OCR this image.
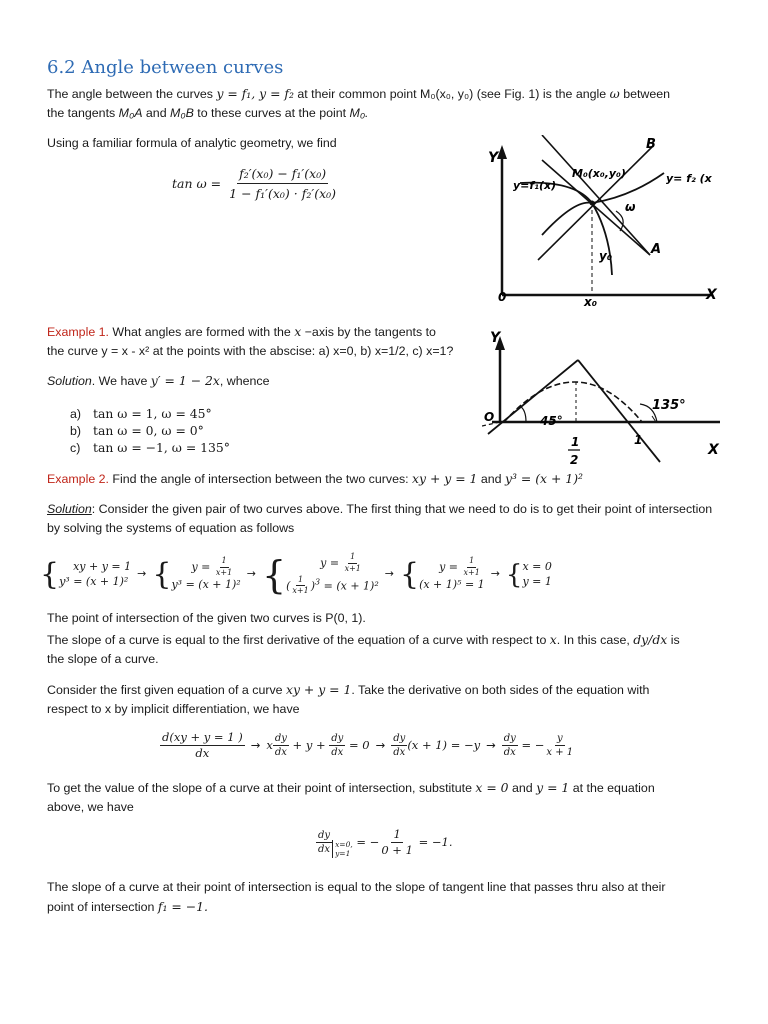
6.2 Angle between curves
The angle between the curves y = f₁, y = f₂ at their common point M₀(x₀, y₀) (see Fig. 1) is the angle ω between
the tangents M₀A and M₀B to these curves at the point M₀.
Using a familiar formula of analytic geometry, we find
$\tan \omega = \frac{\text{f₂′(x₀) − f₁′(x₀)}}{\text{1 − f₁′(x₀) · f₂′(x₀)}}$
Y
X
0
y=f₁(x)
y= f₂ (x
M₀(x₀,y₀)
B
A
ω
y₀
x₀
Example 1. What angles are formed with the x −axis by the tangents to
the curve y = x - x² at the points with the abscise: a) x=0, b) x=1/2, c) x=1?
Solution. We have y′ = 1 − 2x, whence
a) tan ω = 1, ω = 45°
b) tan ω = 0, ω = 0°
c) tan ω = −1, ω = 135°
Y
X
O	45°
135°
1
2
1
Example 2. Find the angle of intersection between the two curves: xy + y = 1 and y³ = (x + 1)²
Solution: Consider the given pair of two curves above. The first thing that we need to do is to get their point of intersection by solving the systems of equation as follows
{	xy + y = 1
y³ = (x + 1)²
→ {	$y = \frac{1}{x+1}$
y³ = (x + 1)²
→ {	$y = \frac{1}{x+1}$
( $\frac{1}{x+1} )^3 = (x + 1)^2$
→ {	$y = \frac{1}{x+1}$
(x + 1)⁵ = 1
→ { x = 0
y = 1
The point of intersection of the given two curves is P(0, 1).
The slope of a curve is equal to the first derivative of the equation of a curve with respect to x. In this case, dy/dx is
the slope of a curve.
Consider the first given equation of a curve xy + y = 1. Take the derivative on both sides of the equation with
respect to x by implicit differentiation, we have
$\frac{d(xy + y = 1 )}{dx} \to x \frac{dy}{dx} + y + \frac{dy}{dx} = 0 \to \frac{dy}{dx} (x + 1) = -y \to \frac{dy}{dx}$ = − $\frac{y}{x + 1}$
To get the value of the slope of a curve at their point of intersection, substitute x = 0 and y = 1 at the equation
above, we have
$\frac{dy}{dx} x=0$,
y=1
= − $\frac{1}{0 + 1} = -1$.
The slope of a curve at their point of intersection is equal to the slope of tangent line that passes thru also at their
point of intersection f₁ = −1.
